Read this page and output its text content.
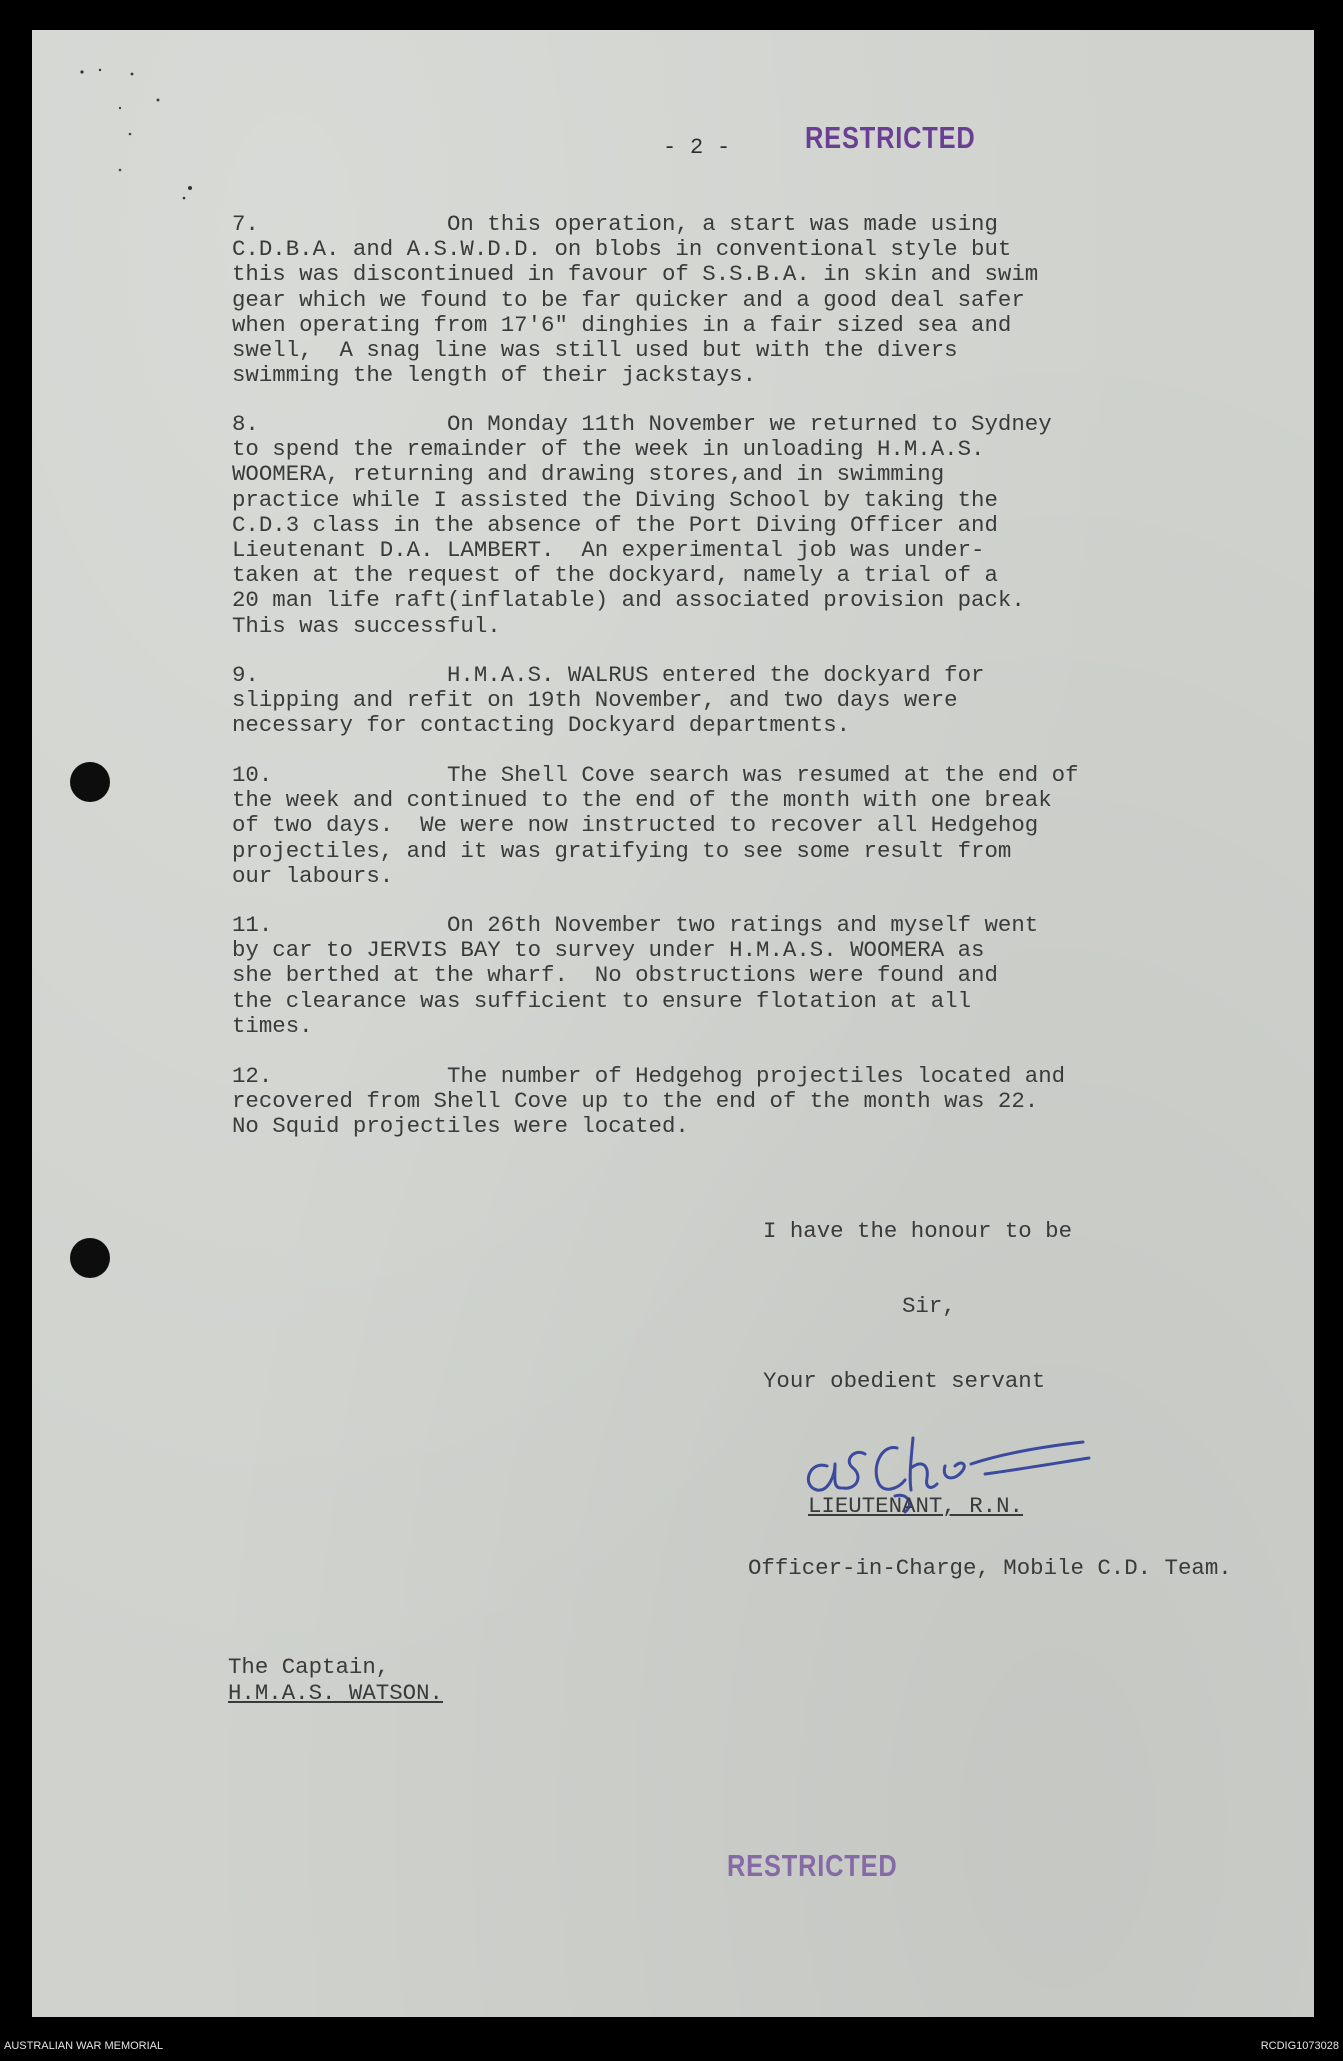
- 2 - RESTRICTED
7.	On this operation, a start was made using
C.D.B.A. and A.S.W.D.D. on blobs in conventional style but
this was discontinued in favour of S.S.B.A. in skin and swim
gear which we found to be far quicker and a good deal safer
when operating from 17'6" dinghies in a fair sized sea and
swell,  A snag line was still used but with the divers
swimming the length of their jackstays.
8.	On Monday 11th November we returned to Sydney
to spend the remainder of the week in unloading H.M.A.S.
WOOMERA, returning and drawing stores,and in swimming
practice while I assisted the Diving School by taking the
C.D.3 class in the absence of the Port Diving Officer and
Lieutenant D.A. LAMBERT.  An experimental job was under-
taken at the request of the dockyard, namely a trial of a
20 man life raft(inflatable) and associated provision pack.
This was successful.
9.	H.M.A.S. WALRUS entered the dockyard for
slipping and refit on 19th November, and two days were
necessary for contacting Dockyard departments.
10.	The Shell Cove search was resumed at the end of
the week and continued to the end of the month with one break
of two days.  We were now instructed to recover all Hedgehog
projectiles, and it was gratifying to see some result from
our labours.
11.	On 26th November two ratings and myself went
by car to JERVIS BAY to survey under H.M.A.S. WOOMERA as
she berthed at the wharf.  No obstructions were found and
the clearance was sufficient to ensure flotation at all
times.
12.	The number of Hedgehog projectiles located and
recovered from Shell Cove up to the end of the month was 22.
No Squid projectiles were located.
I have the honour to be
Sir,
Your obedient servant
LIEUTENANT, R.N.
Officer-in-Charge, Mobile C.D. Team.
The Captain,
H.M.A.S. WATSON.
RESTRICTED
AUSTRALIAN WAR MEMORIAL	RCDIG1073028
